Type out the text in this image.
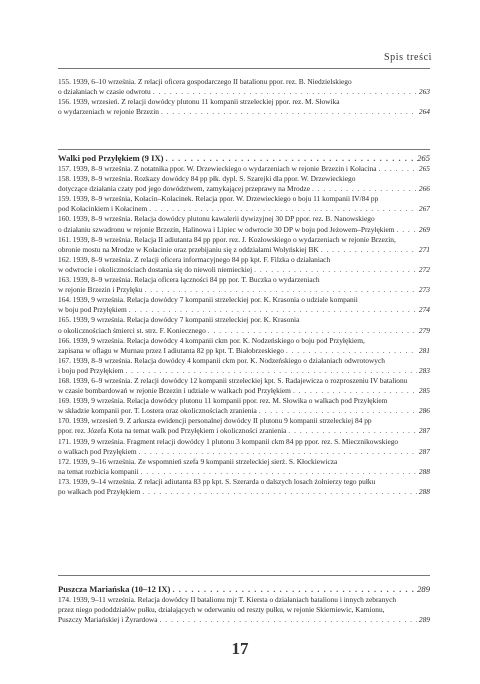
Spis treści
155. 1939, 6–10 września. Z relacji oficera gospodarczego II batalionu ppor. rez. B. Niedzielskiego
o działaniach w czasie odwrotu . . .	263
156. 1939, wrzesień. Z relacji dowódcy plutonu 11 kompanii strzeleckiej ppor. rez. M. Słowika
o wydarzeniach w rejonie Brzezin . . .	264
Walki pod Przyłękiem (9 IX) . . .	265
157. 1939, 8–9 września. Z notatnika ppor. W. Drzewieckiego o wydarzeniach w rejonie Brzezin i Kołacina . . .	265
158. 1939, 8–9 września. Rozkazy dowódcy 84 pp płk. dypl. S. Szarejki dla ppor. W. Drzewieckiego
dotyczące działania czaty pod jego dowództwem, zamykającej przeprawy na Mrodze . . .	266
159. 1939, 8–9 września, Kołacin–Kołacinek. Relacja ppor. W. Drzewieckiego o boju 11 kompanii IV/84 pp
pod Kołacinkiem i Kołacinem . . .	267
160. 1939, 8–9 września. Relacja dowódcy plutonu kawalerii dywizyjnej 30 DP ppor. rez. B. Nanowskiego
o działaniu szwadronu w rejonie Brzezin, Halinowa i Lipiec w odwrocie 30 DP w boju pod Jeżowem–Przyłękiem . . .	269
161. 1939, 8–9 września. Relacja II adiutanta 84 pp ppor. rez. J. Kozłowskiego o wydarzeniach w rejonie Brzezin,
obronie mostu na Mrodze w Kołacinie oraz przebijaniu się z oddziałami Wołyńskiej BK . . .	271
162. 1939, 8–9 września. Z relacji oficera informacyjnego 84 pp kpt. F. Filzka o działaniach
w odwrocie i okolicznościach dostania się do niewoli niemieckiej . . .	272
163. 1939, 8–9 września. Relacja oficera łączności 84 pp por. T. Buczka o wydarzeniach
w rejonie Brzezin i Przyłęku . . .	273
164. 1939, 9 września. Relacja dowódcy 7 kompanii strzeleckiej por. K. Krasonia o udziale kompanii
w boju pod Przyłękiem . . .	274
165. 1939, 9 września. Relacja dowódcy 7 kompanii strzeleckiej por. K. Krasonia
o okolicznościach śmierci st. strz. F. Koniecznego . . .	279
166. 1939, 9 września. Relacja dowódcy 4 kompanii ckm por. K. Nodzeńskiego o boju pod Przyłękiem,
zapisana w oflagu w Murnau przez I adiutanta 82 pp kpt. T. Białobrzeskiego . . .	281
167. 1939, 8–9 września. Relacja dowódcy 4 kompanii ckm por. K. Nodzeńskiego o działaniach odwrotowych
i boju pod Przyłękiem . . .	283
168. 1939, 6–9 września. Z relacji dowódcy 12 kompanii strzeleckiej kpt. S. Radajewicza o rozproszeniu IV batalionu
w czasie bombardowań w rejonie Brzezin i udziale w walkach pod Przyłękiem . . .	285
169. 1939, 9 września. Relacja dowódcy plutonu 11 kompanii ppor. rez. M. Słowika o walkach pod Przyłękiem
w składzie kompanii por. T. Lostera oraz okolicznościach zranienia . . .	286
170. 1939, wrzesień 9. Z arkusza ewidencji personalnej dowódcy II plutonu 9 kompanii strzeleckiej 84 pp
ppor. rez. Józefa Kota na temat walk pod Przyłękiem i okoliczności zranienia . . .	287
171. 1939, 9 września. Fragment relacji dowódcy 1 plutonu 3 kompanii ckm 84 pp ppor. rez. S. Miecznikowskiego
o walkach pod Przyłękiem . . .	287
172. 1939, 9–16 września. Ze wspomnień szefa 9 kompanii strzeleckiej sierż. S. Kłockiewicza
na temat rozbicia kompanii . . .	288
173. 1939, 9–14 września. Z relacji adiutanta 83 pp kpt. S. Szerarda o dalszych losach żołnierzy tego pułku
po walkach pod Przyłękiem . . .	288
Puszcza Mariańska (10–12 IX) . . .	289
174. 1939, 9–11 września. Relacja dowódcy II batalionu mjr T. Kiersta o działaniach batalionu i innych zebranych
przez niego pododdziałów pułku, działających w oderwaniu od reszty pułku, w rejonie Skierniewic, Kamionu,
Puszczy Mariańskiej i Żyrardowa . . .	289
17
